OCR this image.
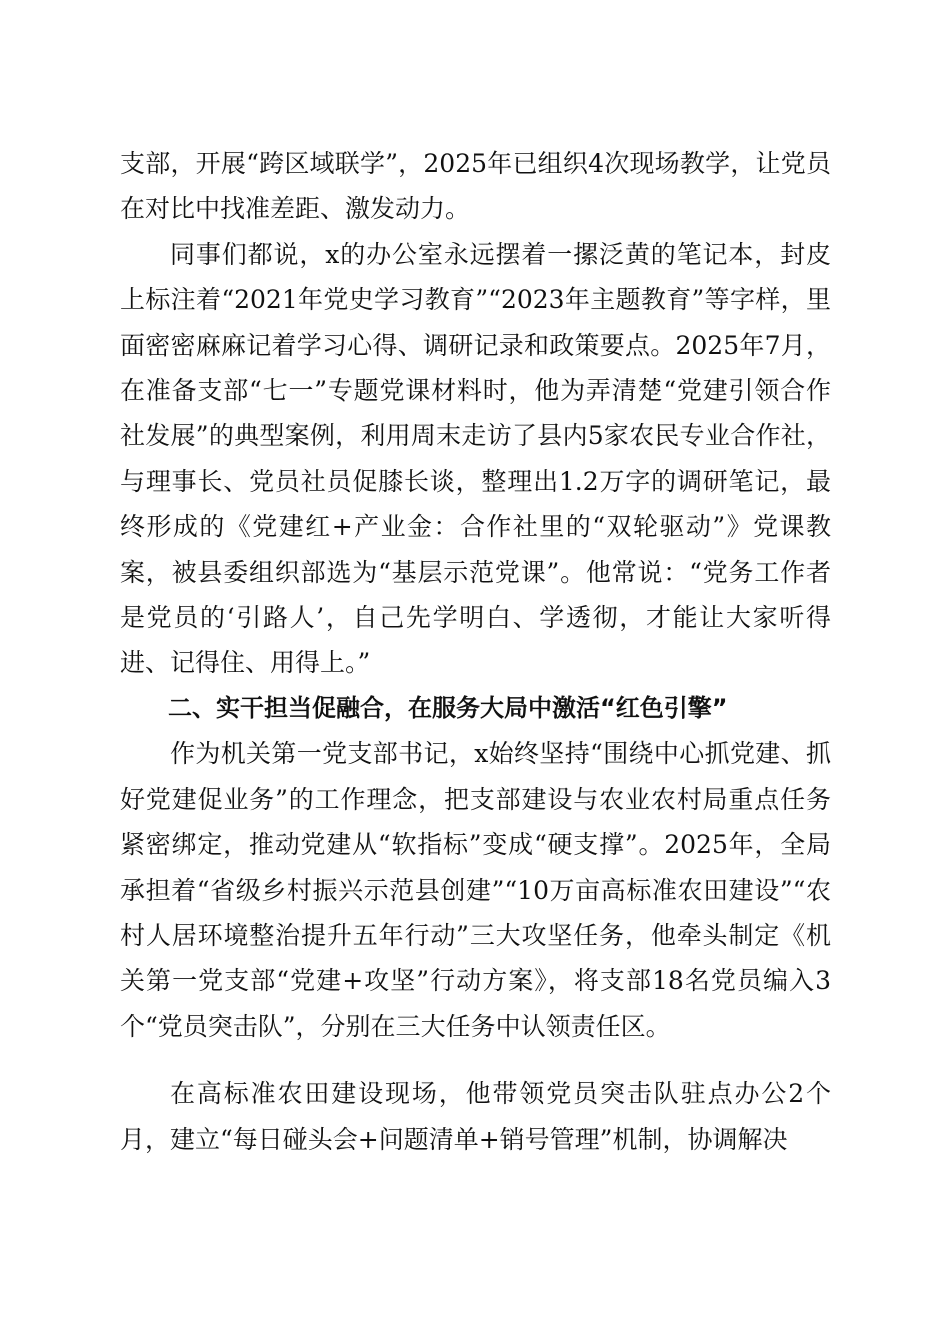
支部，开展“跨区域联学”，2025年已组织4次现场教学，让党员在对比中找准差距、激发动力。

同事们都说，x的办公室永远摆着一摞泛黄的笔记本，封皮上标注着“2021年党史学习教育”“2023年主题教育”等字样，里面密密麻麻记着学习心得、调研记录和政策要点。2025年7月，在准备支部“七一”专题党课材料时，他为弄清楚“党建引领合作社发展”的典型案例，利用周末走访了县内5家农民专业合作社，与理事长、党员社员促膝长谈，整理出1.2万字的调研笔记，最终形成的《党建红+产业金：合作社里的“双轮驱动”》党课教案，被县委组织部选为“基层示范党课”。他常说：“党务工作者是党员的‘引路人’，自己先学明白、学透彻，才能让大家听得进、记得住、用得上。”

二、实干担当促融合，在服务大局中激活“红色引擎”

作为机关第一党支部书记，x始终坚持“围绕中心抓党建、抓好党建促业务”的工作理念，把支部建设与农业农村局重点任务紧密绑定，推动党建从“软指标”变成“硬支撑”。2025年，全局承担着“省级乡村振兴示范县创建”“10万亩高标准农田建设”“农村人居环境整治提升五年行动”三大攻坚任务，他牵头制定《机关第一党支部“党建+攻坚”行动方案》，将支部18名党员编入3个“党员突击队”，分别在三大任务中认领责任区。

在高标准农田建设现场，他带领党员突击队驻点办公2个月，建立“每日碰头会+问题清单+销号管理”机制，协调解决
